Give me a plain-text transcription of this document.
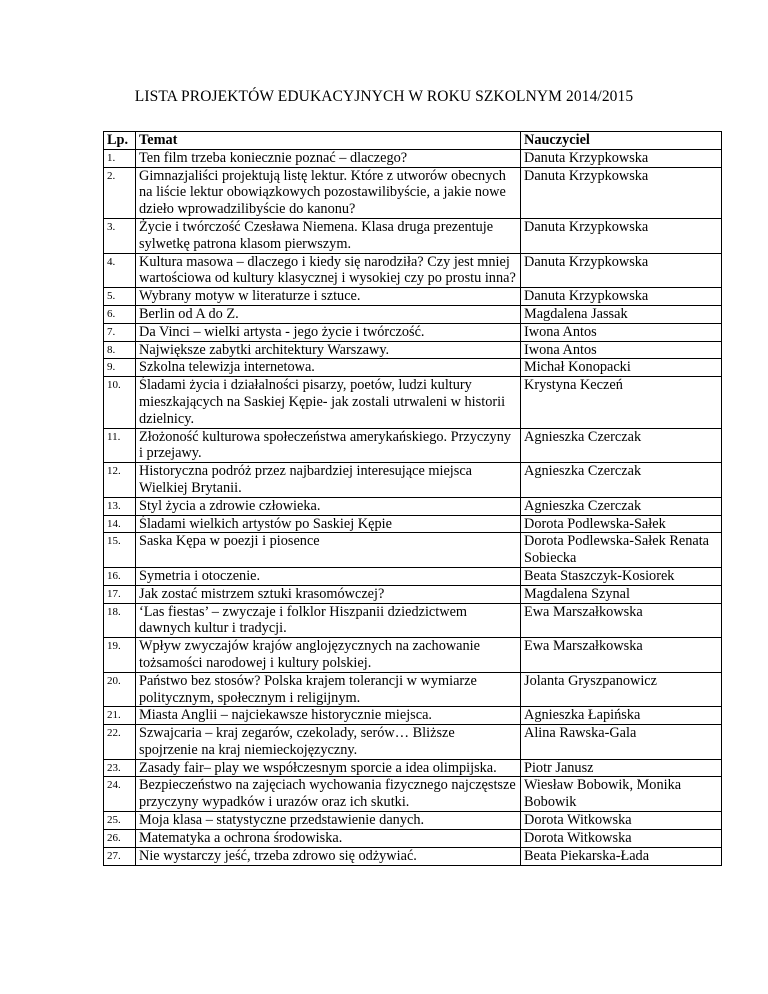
LISTA PROJEKTÓW EDUKACYJNYCH W ROKU SZKOLNYM 2014/2015
Lp.	Temat	Nauczyciel
1.	Ten film trzeba koniecznie poznać – dlaczego?	Danuta Krzypkowska
2.	Gimnazjaliści projektują listę lektur. Które z utworów obecnych na liście lektur obowiązkowych pozostawilibyście, a jakie nowe dzieło wprowadzilibyście do kanonu?	Danuta Krzypkowska
3.	Życie i twórczość Czesława Niemena. Klasa druga prezentuje sylwetkę patrona klasom pierwszym.	Danuta Krzypkowska
4.	Kultura masowa – dlaczego i kiedy się narodziła? Czy jest mniej wartościowa od kultury klasycznej i wysokiej czy po prostu inna?	Danuta Krzypkowska
5.	Wybrany motyw w literaturze i sztuce.	Danuta Krzypkowska
6.	Berlin od A do Z.	Magdalena Jassak
7.	Da Vinci – wielki artysta - jego życie i twórczość.	Iwona Antos
8.	Największe zabytki architektury Warszawy.	Iwona Antos
9.	Szkolna telewizja internetowa.	Michał Konopacki
10.	Śladami życia i działalności pisarzy, poetów, ludzi kultury mieszkających na Saskiej Kępie- jak zostali utrwaleni w historii dzielnicy.	Krystyna Keczeń
11.	Złożoność kulturowa społeczeństwa amerykańskiego. Przyczyny i przejawy.	Agnieszka Czerczak
12.	Historyczna podróż przez najbardziej interesujące miejsca Wielkiej Brytanii.	Agnieszka Czerczak
13.	Styl życia a zdrowie człowieka.	Agnieszka Czerczak
14.	Śladami wielkich artystów po Saskiej Kępie	Dorota Podlewska-Sałek
15.	Saska Kępa w poezji i piosence	Dorota Podlewska-Sałek Renata Sobiecka
16.	Symetria i otoczenie.	Beata Staszczyk-Kosiorek
17.	Jak zostać mistrzem sztuki krasomówczej?	Magdalena Szynal
18.	‘Las fiestas’ – zwyczaje i folklor Hiszpanii dziedzictwem dawnych kultur i tradycji.	Ewa Marszałkowska
19.	Wpływ zwyczajów krajów anglojęzycznych na zachowanie tożsamości narodowej i kultury polskiej.	Ewa Marszałkowska
20.	Państwo bez stosów? Polska krajem tolerancji w wymiarze politycznym, społecznym i religijnym.	Jolanta Gryszpanowicz
21.	Miasta Anglii – najciekawsze historycznie miejsca.	Agnieszka Łapińska
22.	Szwajcaria – kraj zegarów, czekolady, serów… Bliższe spojrzenie na kraj niemieckojęzyczny.	Alina Rawska-Gala
23.	Zasady fair– play we współczesnym sporcie a idea olimpijska.	Piotr Janusz
24.	Bezpieczeństwo na zajęciach wychowania fizycznego najczęstsze przyczyny wypadków i urazów oraz ich skutki.	Wiesław Bobowik, Monika Bobowik
25.	Moja klasa – statystyczne przedstawienie danych.	Dorota Witkowska
26.	Matematyka a ochrona środowiska.	Dorota Witkowska
27.	Nie wystarczy jeść, trzeba zdrowo się odżywiać.	Beata Piekarska-Łada
